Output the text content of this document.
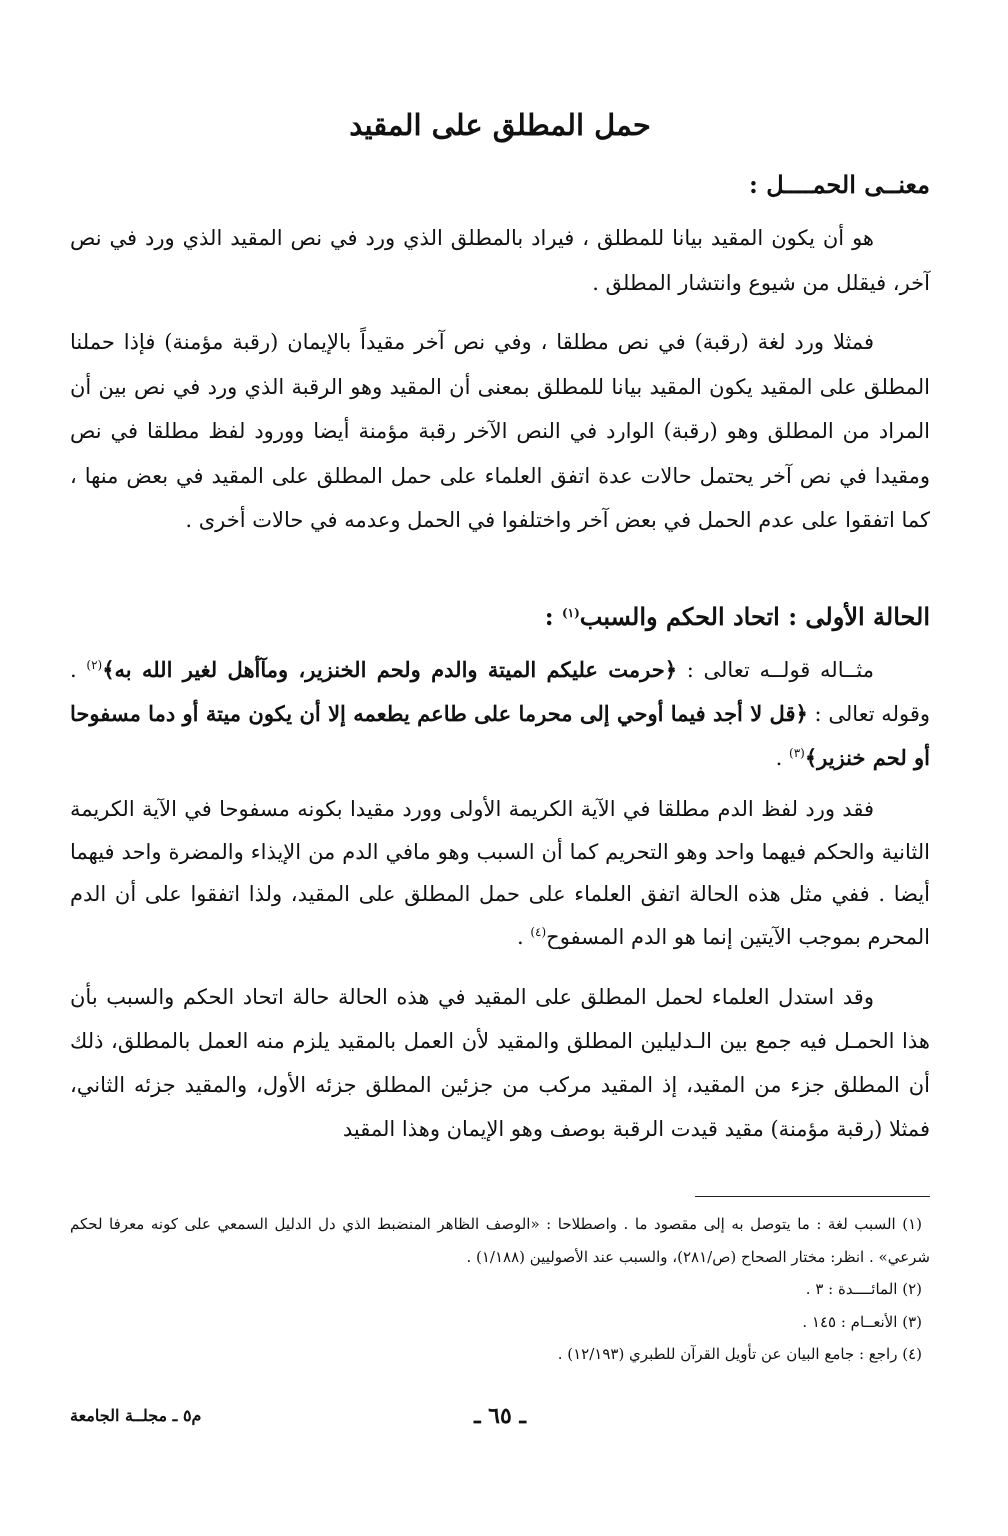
حمل المطلق على المقيد
معنــى الحمــــل :

هو أن يكون المقيد بيانا للمطلق ، فيراد بالمطلق الذي ورد في نص المقيد الذي ورد في نص آخر، فيقلل من شيوع وانتشار المطلق .

فمثلا ورد لغة (رقبة) في نص مطلقا ، وفي نص آخر مقيداً بالإيمان (رقبة مؤمنة) فإذا حملنا المطلق على المقيد يكون المقيد بيانا للمطلق بمعنى أن المقيد وهو الرقبة الذي ورد في نص بين أن المراد من المطلق وهو (رقبة) الوارد في النص الآخر رقبة مؤمنة أيضا وورود لفظ مطلقا في نص ومقيدا في نص آخر يحتمل حالات عدة اتفق العلماء على حمل المطلق على المقيد في بعض منها ، كما اتفقوا على عدم الحمل في بعض آخر واختلفوا في الحمل وعدمه في حالات أخرى .

الحالة الأولى : اتحاد الحكم والسبب$^{(١)}$ :

مثــاله قولــه تعالى : ﴿حرمت عليكم الميتة والدم ولحم الخنزير، ومآأهل لغير الله به﴾$^{(٢)}$ . وقوله تعالى : ﴿قل لا أجد فيما أوحي إلى محرما على طاعم يطعمه إلا أن يكون ميتة أو دما مسفوحا أو لحم خنزير﴾$^{(٣)}$ .

فقد ورد لفظ الدم مطلقا في الآية الكريمة الأولى وورد مقيدا بكونه مسفوحا في الآية الكريمة الثانية والحكم فيهما واحد وهو التحريم كما أن السبب وهو مافي الدم من الإيذاء والمضرة واحد فيهما أيضا . ففي مثل هذه الحالة اتفق العلماء على حمل المطلق على المقيد، ولذا اتفقوا على أن الدم المحرم بموجب الآيتين إنما هو الدم المسفوح$^{(٤)}$ .

وقد استدل العلماء لحمل المطلق على المقيد في هذه الحالة حالة اتحاد الحكم والسبب بأن هذا الحمـل فيه جمع بين الـدليلين المطلق والمقيد لأن العمل بالمقيد يلزم منه العمل بالمطلق، ذلك أن المطلق جزء من المقيد، إذ المقيد مركب من جزئين المطلق جزئه الأول، والمقيد جزئه الثاني، فمثلا (رقبة مؤمنة) مقيد قيدت الرقبة بوصف وهو الإيمان وهذا المقيد

(١) السبب لغة : ما يتوصل به إلى مقصود ما . واصطلاحا : «الوصف الظاهر المنضبط الذي دل الدليل السمعي على كونه معرفا لحكم شرعي» . انظر: مختار الصحاح (ص/٢٨١)، والسبب عند الأصوليين (١/١٨٨) .
(٢) المائــــدة : ٣ .
(٣) الأنعــام : ١٤٥ .
(٤) راجع : جامع البيان عن تأويل القرآن للطبري (١٢/١٩٣) .

ـ ٦٥ ـ

م٥ ـ مجلــة الجامعة
